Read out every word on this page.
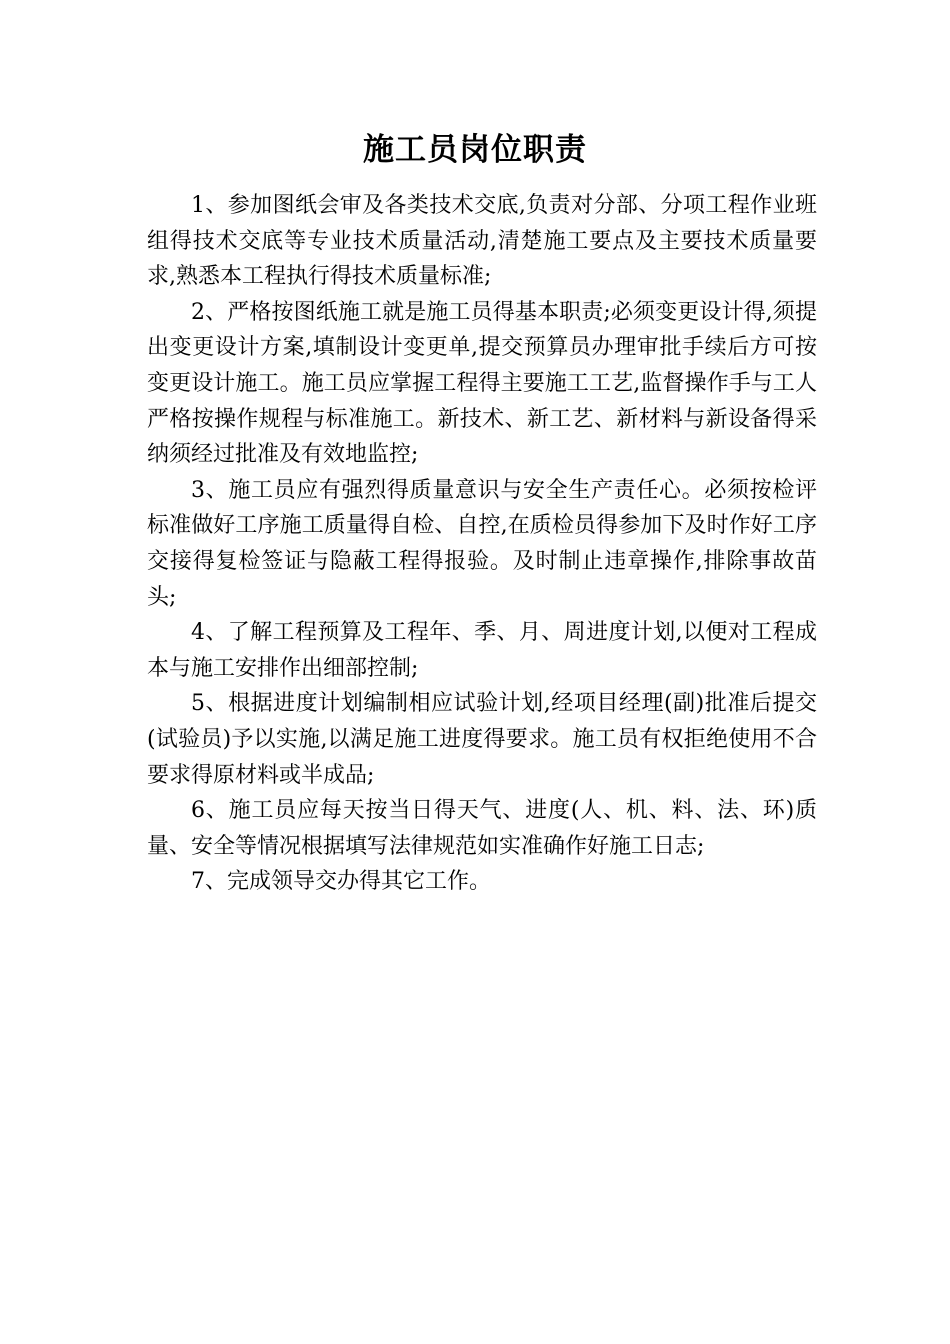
施工员岗位职责

1、参加图纸会审及各类技术交底,负责对分部、分项工程作业班组得技术交底等专业技术质量活动,清楚施工要点及主要技术质量要求,熟悉本工程执行得技术质量标准;

2、严格按图纸施工就是施工员得基本职责;必须变更设计得,须提出变更设计方案,填制设计变更单,提交预算员办理审批手续后方可按变更设计施工。施工员应掌握工程得主要施工工艺,监督操作手与工人严格按操作规程与标准施工。新技术、新工艺、新材料与新设备得采纳须经过批准及有效地监控;

3、施工员应有强烈得质量意识与安全生产责任心。必须按检评标准做好工序施工质量得自检、自控,在质检员得参加下及时作好工序交接得复检签证与隐蔽工程得报验。及时制止违章操作,排除事故苗头;

4、了解工程预算及工程年、季、月、周进度计划,以便对工程成本与施工安排作出细部控制;

5、根据进度计划编制相应试验计划,经项目经理(副)批准后提交(试验员)予以实施,以满足施工进度得要求。施工员有权拒绝使用不合要求得原材料或半成品;

6、施工员应每天按当日得天气、进度(人、机、料、法、环)质量、安全等情况根据填写法律规范如实准确作好施工日志;

7、完成领导交办得其它工作。
